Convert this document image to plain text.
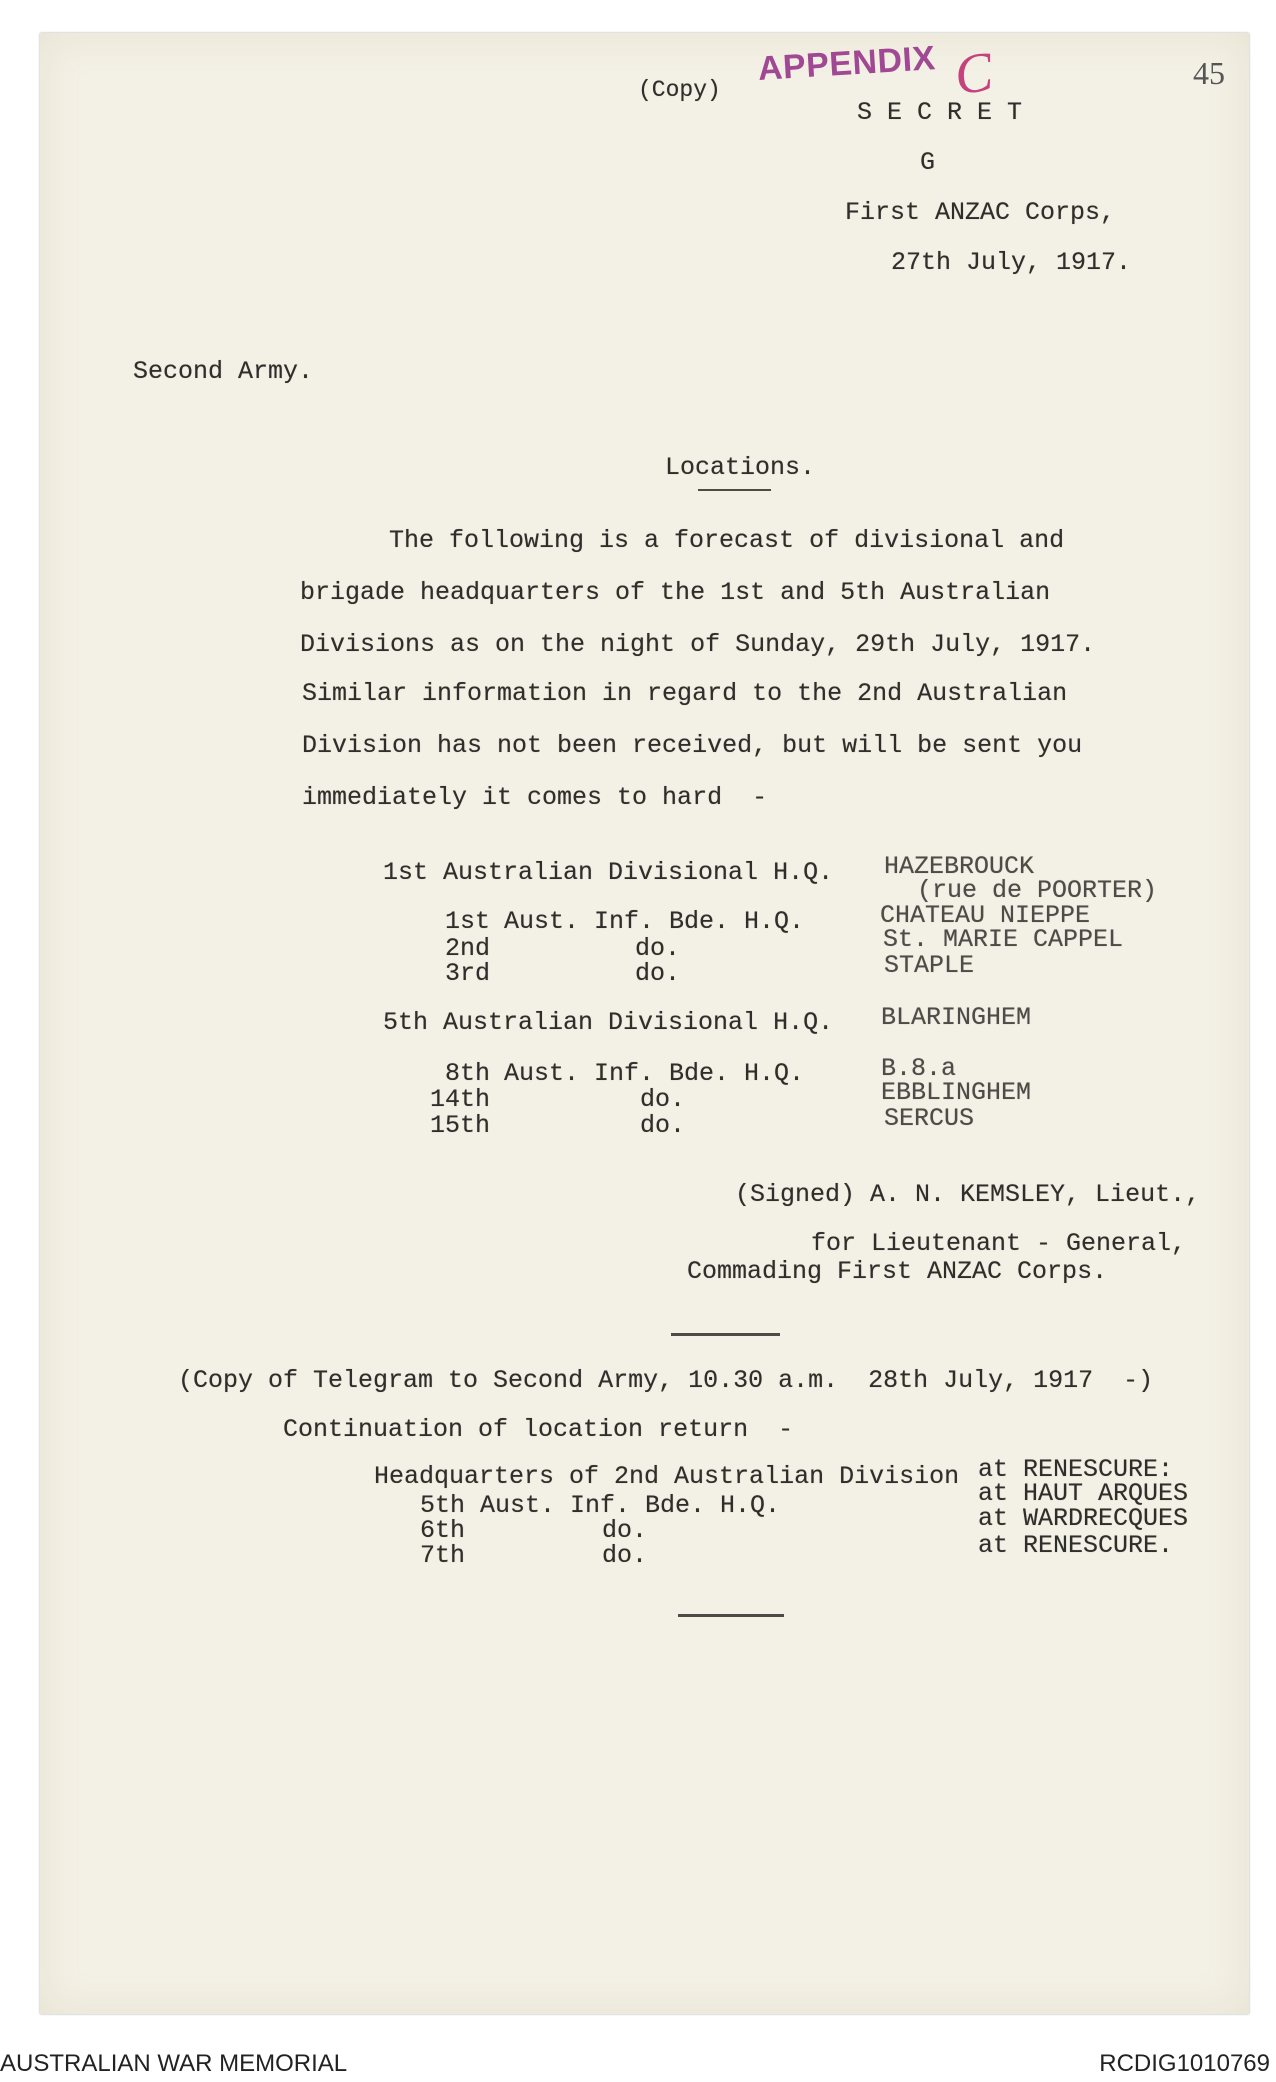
(Copy)
APPENDIX C	45
S E C R E T
G
First ANZAC Corps,
27th July, 1917.
Second Army.
Locations.
The following is a forecast of divisional and
brigade headquarters of the 1st and 5th Australian
Divisions as on the night of Sunday, 29th July, 1917.
Similar information in regard to the 2nd Australian
Division has not been received, but will be sent you
immediately it comes to hard  -
1st Australian Divisional H.Q. HAZEBROUCK
(rue de POORTER)
1st Aust. Inf. Bde. H.Q.	CHATEAU NIEPPE
2nd	do.	St. MARIE CAPPEL
3rd	do.	STAPLE
5th Australian Divisional H.Q. BLARINGHEM
8th Aust. Inf. Bde. H.Q.	B.8.a
14th	do.	EBBLINGHEM
15th	do.	SERCUS
(Signed) A. N. KEMSLEY, Lieut.,
for Lieutenant - General,
Commading First ANZAC Corps.
(Copy of Telegram to Second Army, 10.30 a.m.  28th July, 1917  -)
Continuation of location return  -
Headquarters of 2nd Australian Division at RENESCURE:
5th Aust. Inf. Bde. H.Q.	at HAUT ARQUES
6th	do.	at WARDRECQUES
7th	do.	at RENESCURE.
AUSTRALIAN WAR MEMORIAL	RCDIG1010769
